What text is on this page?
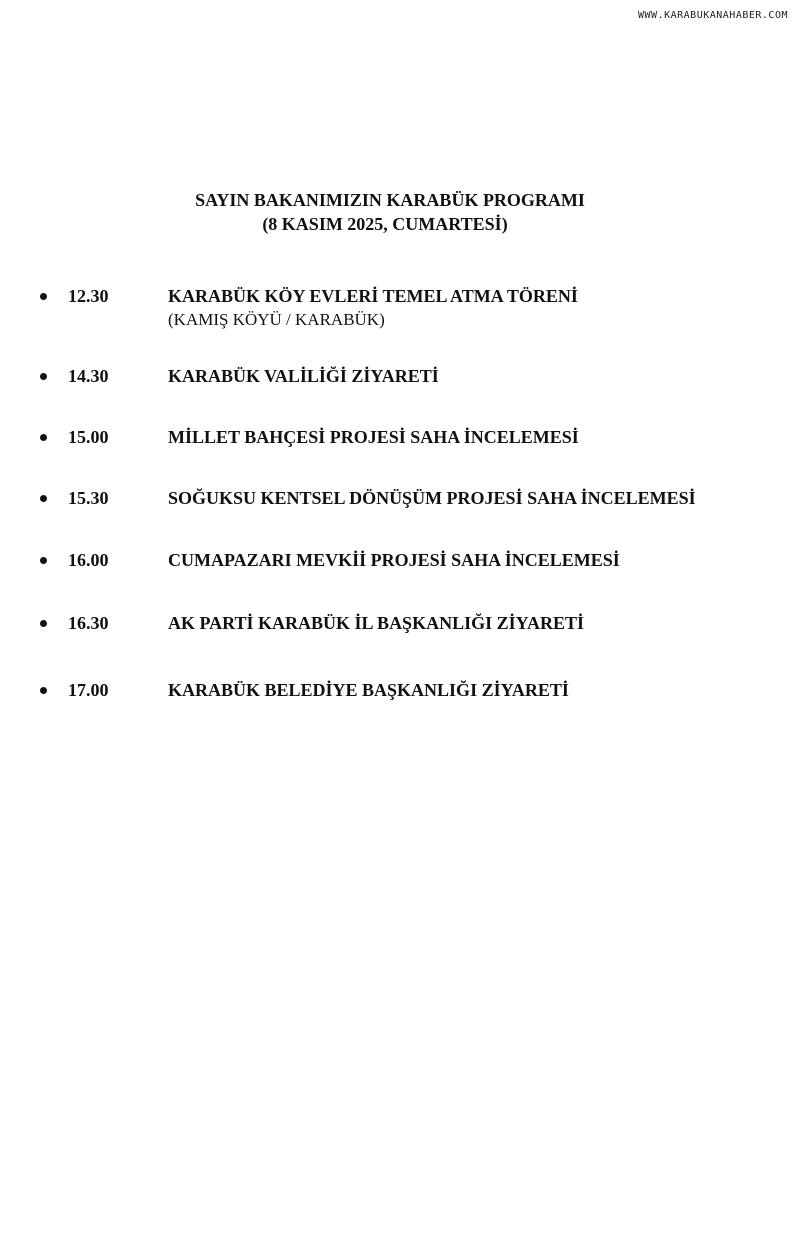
WWW.KARABUKANAHABER.COM
SAYIN BAKANIMIZIN KARABÜK PROGRAMI
(8 KASIM 2025, CUMARTESİ)
12.30	KARABÜK KÖY EVLERİ TEMEL ATMA TÖRENİ
(KAMIŞ KÖYÜ / KARABÜK)
14.30	KARABÜK VALİLİĞİ ZİYARETİ
15.00	MİLLET BAHÇESİ PROJESİ SAHA İNCELEMESİ
15.30	SOĞUKSU KENTSEL DÖNÜŞÜM PROJESİ SAHA İNCELEMESİ
16.00	CUMAPAZARI MEVKİİ PROJESİ SAHA İNCELEMESİ
16.30	AK PARTİ KARABÜK İL BAŞKANLIĞI ZİYARETİ
17.00	KARABÜK BELEDİYE BAŞKANLIĞI ZİYARETİ
